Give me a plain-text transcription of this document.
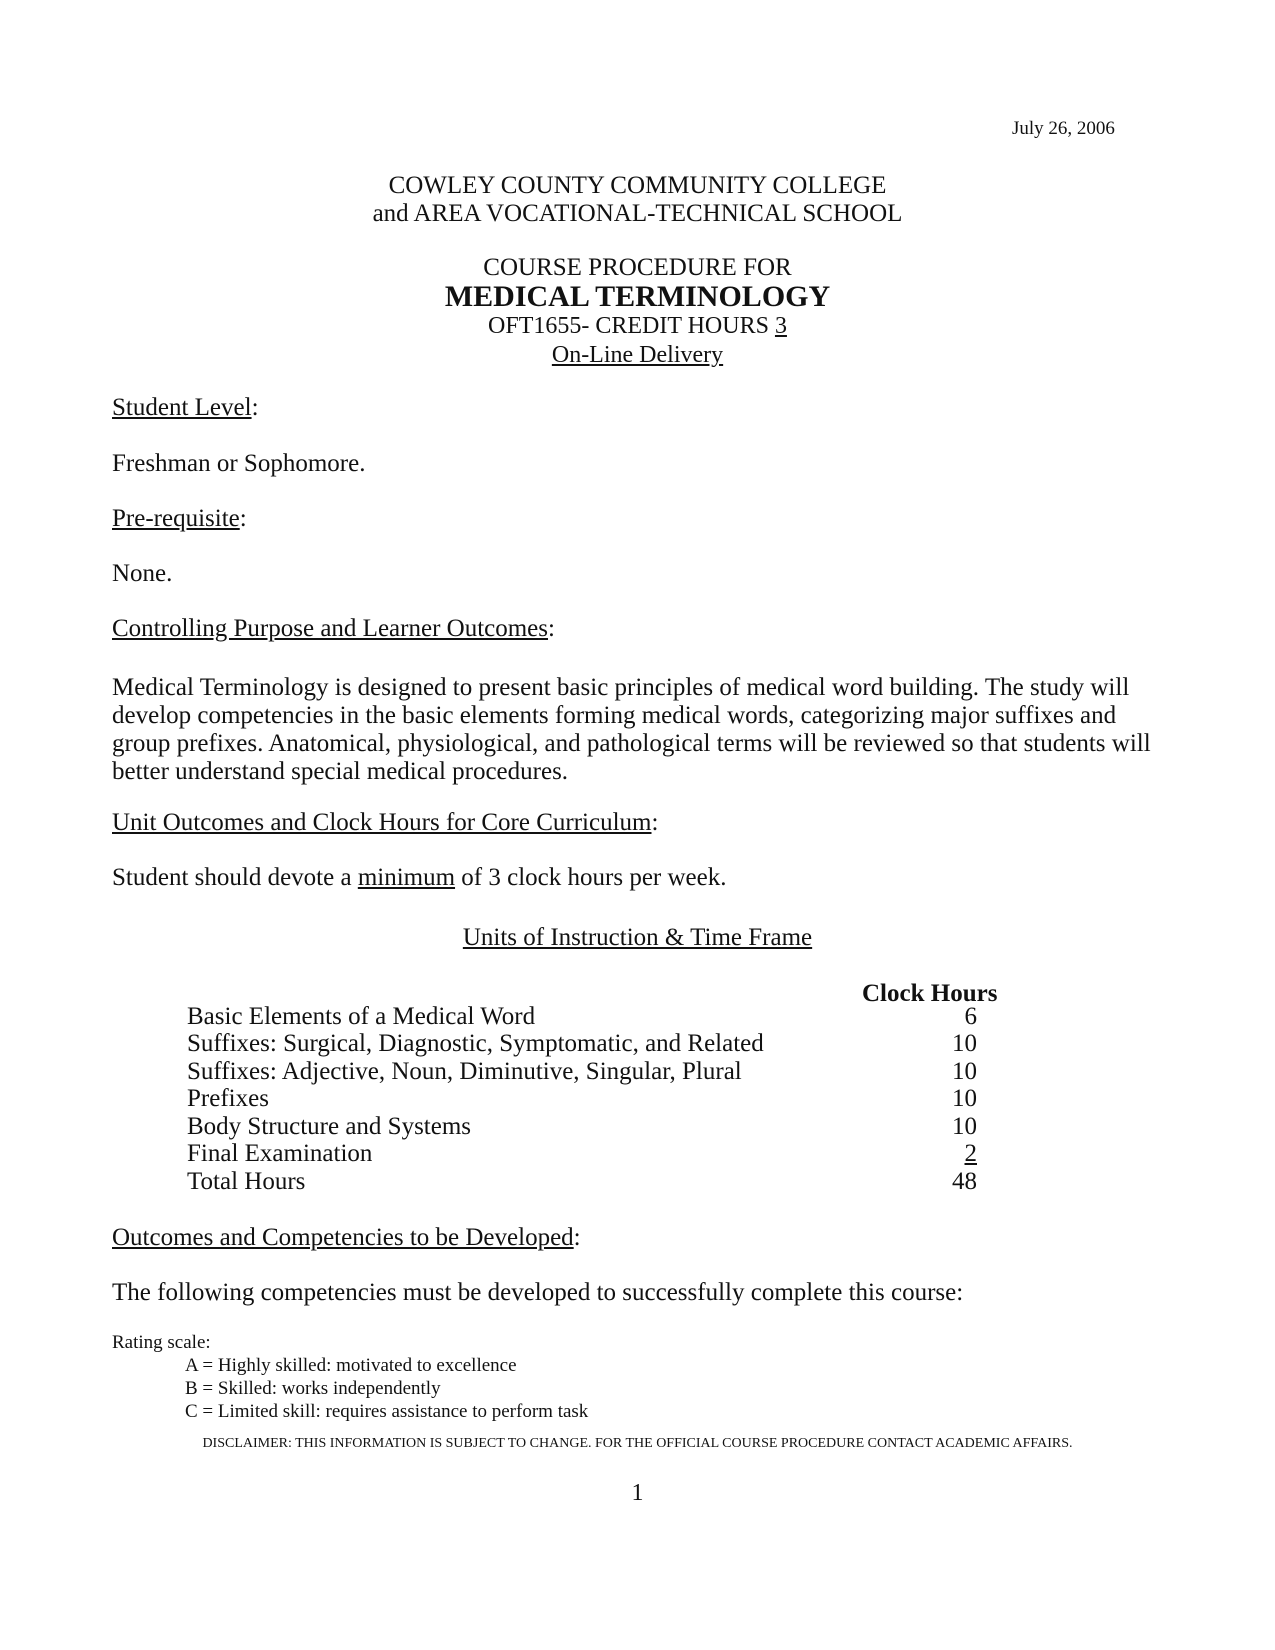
July 26, 2006
COWLEY COUNTY COMMUNITY COLLEGE
and AREA VOCATIONAL-TECHNICAL SCHOOL
COURSE PROCEDURE FOR
MEDICAL TERMINOLOGY
OFT1655- CREDIT HOURS 3
On-Line Delivery
Student Level:
Freshman or Sophomore.
Pre-requisite:
None.
Controlling Purpose and Learner Outcomes:
Medical Terminology is designed to present basic principles of medical word building. The study will
develop competencies in the basic elements forming medical words, categorizing major suffixes and
group prefixes. Anatomical, physiological, and pathological terms will be reviewed so that students will
better understand special medical procedures.
Unit Outcomes and Clock Hours for Core Curriculum:
Student should devote a minimum of 3 clock hours per week.
Units of Instruction & Time Frame
Clock Hours
Basic Elements of a Medical Word	6
Suffixes: Surgical, Diagnostic, Symptomatic, and Related	10
Suffixes: Adjective, Noun, Diminutive, Singular, Plural	10
Prefixes	10
Body Structure and Systems	10
Final Examination	2
Total Hours	48
Outcomes and Competencies to be Developed:
The following competencies must be developed to successfully complete this course:
Rating scale:
A = Highly skilled: motivated to excellence
B = Skilled: works independently
C = Limited skill: requires assistance to perform task
DISCLAIMER: THIS INFORMATION IS SUBJECT TO CHANGE. FOR THE OFFICIAL COURSE PROCEDURE CONTACT ACADEMIC AFFAIRS.
1
